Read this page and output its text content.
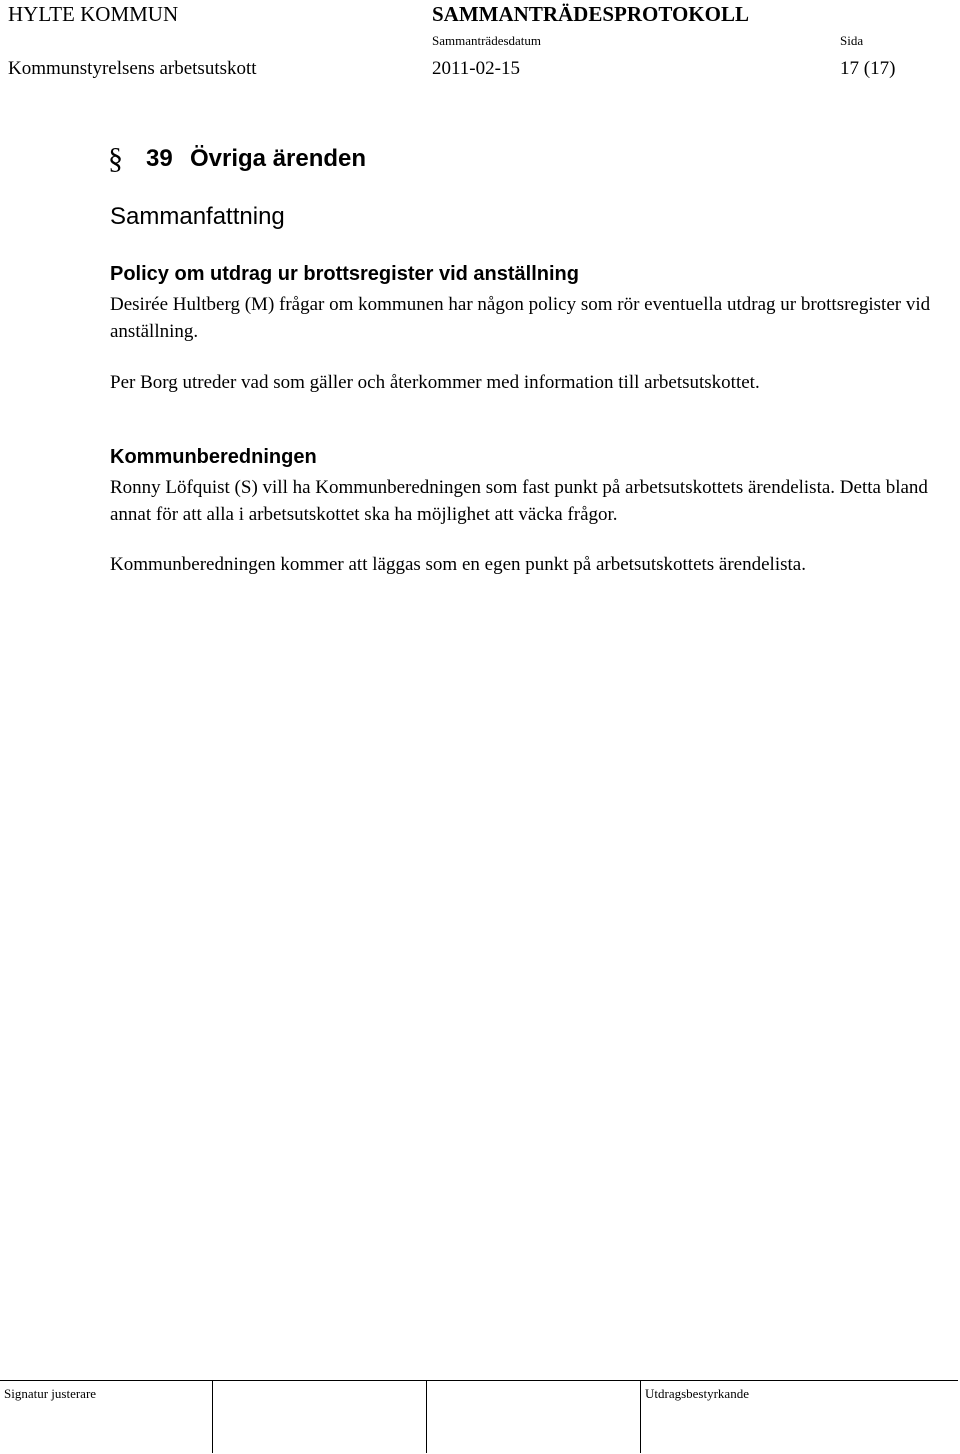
HYLTE KOMMUN	SAMMANTRÄDESPROTOKOLL
Sammanträdesdatum	Sida
Kommunstyrelsens arbetsutskott	2011-02-15	17 (17)
§ 39 Övriga ärenden
Sammanfattning
Policy om utdrag ur brottsregister vid anställning
Desirée Hultberg (M) frågar om kommunen har någon policy som rör eventuella utdrag ur brottsregister vid anställning.
Per Borg utreder vad som gäller och återkommer med information till arbetsutskottet.
Kommunberedningen
Ronny Löfquist (S) vill ha Kommunberedningen som fast punkt på arbetsutskottets ärendelista. Detta bland annat för att alla i arbetsutskottet ska ha möjlighet att väcka frågor.
Kommunberedningen kommer att läggas som en egen punkt på arbetsutskottets ärendelista.
Signatur justerare	Utdragsbestyrkande
